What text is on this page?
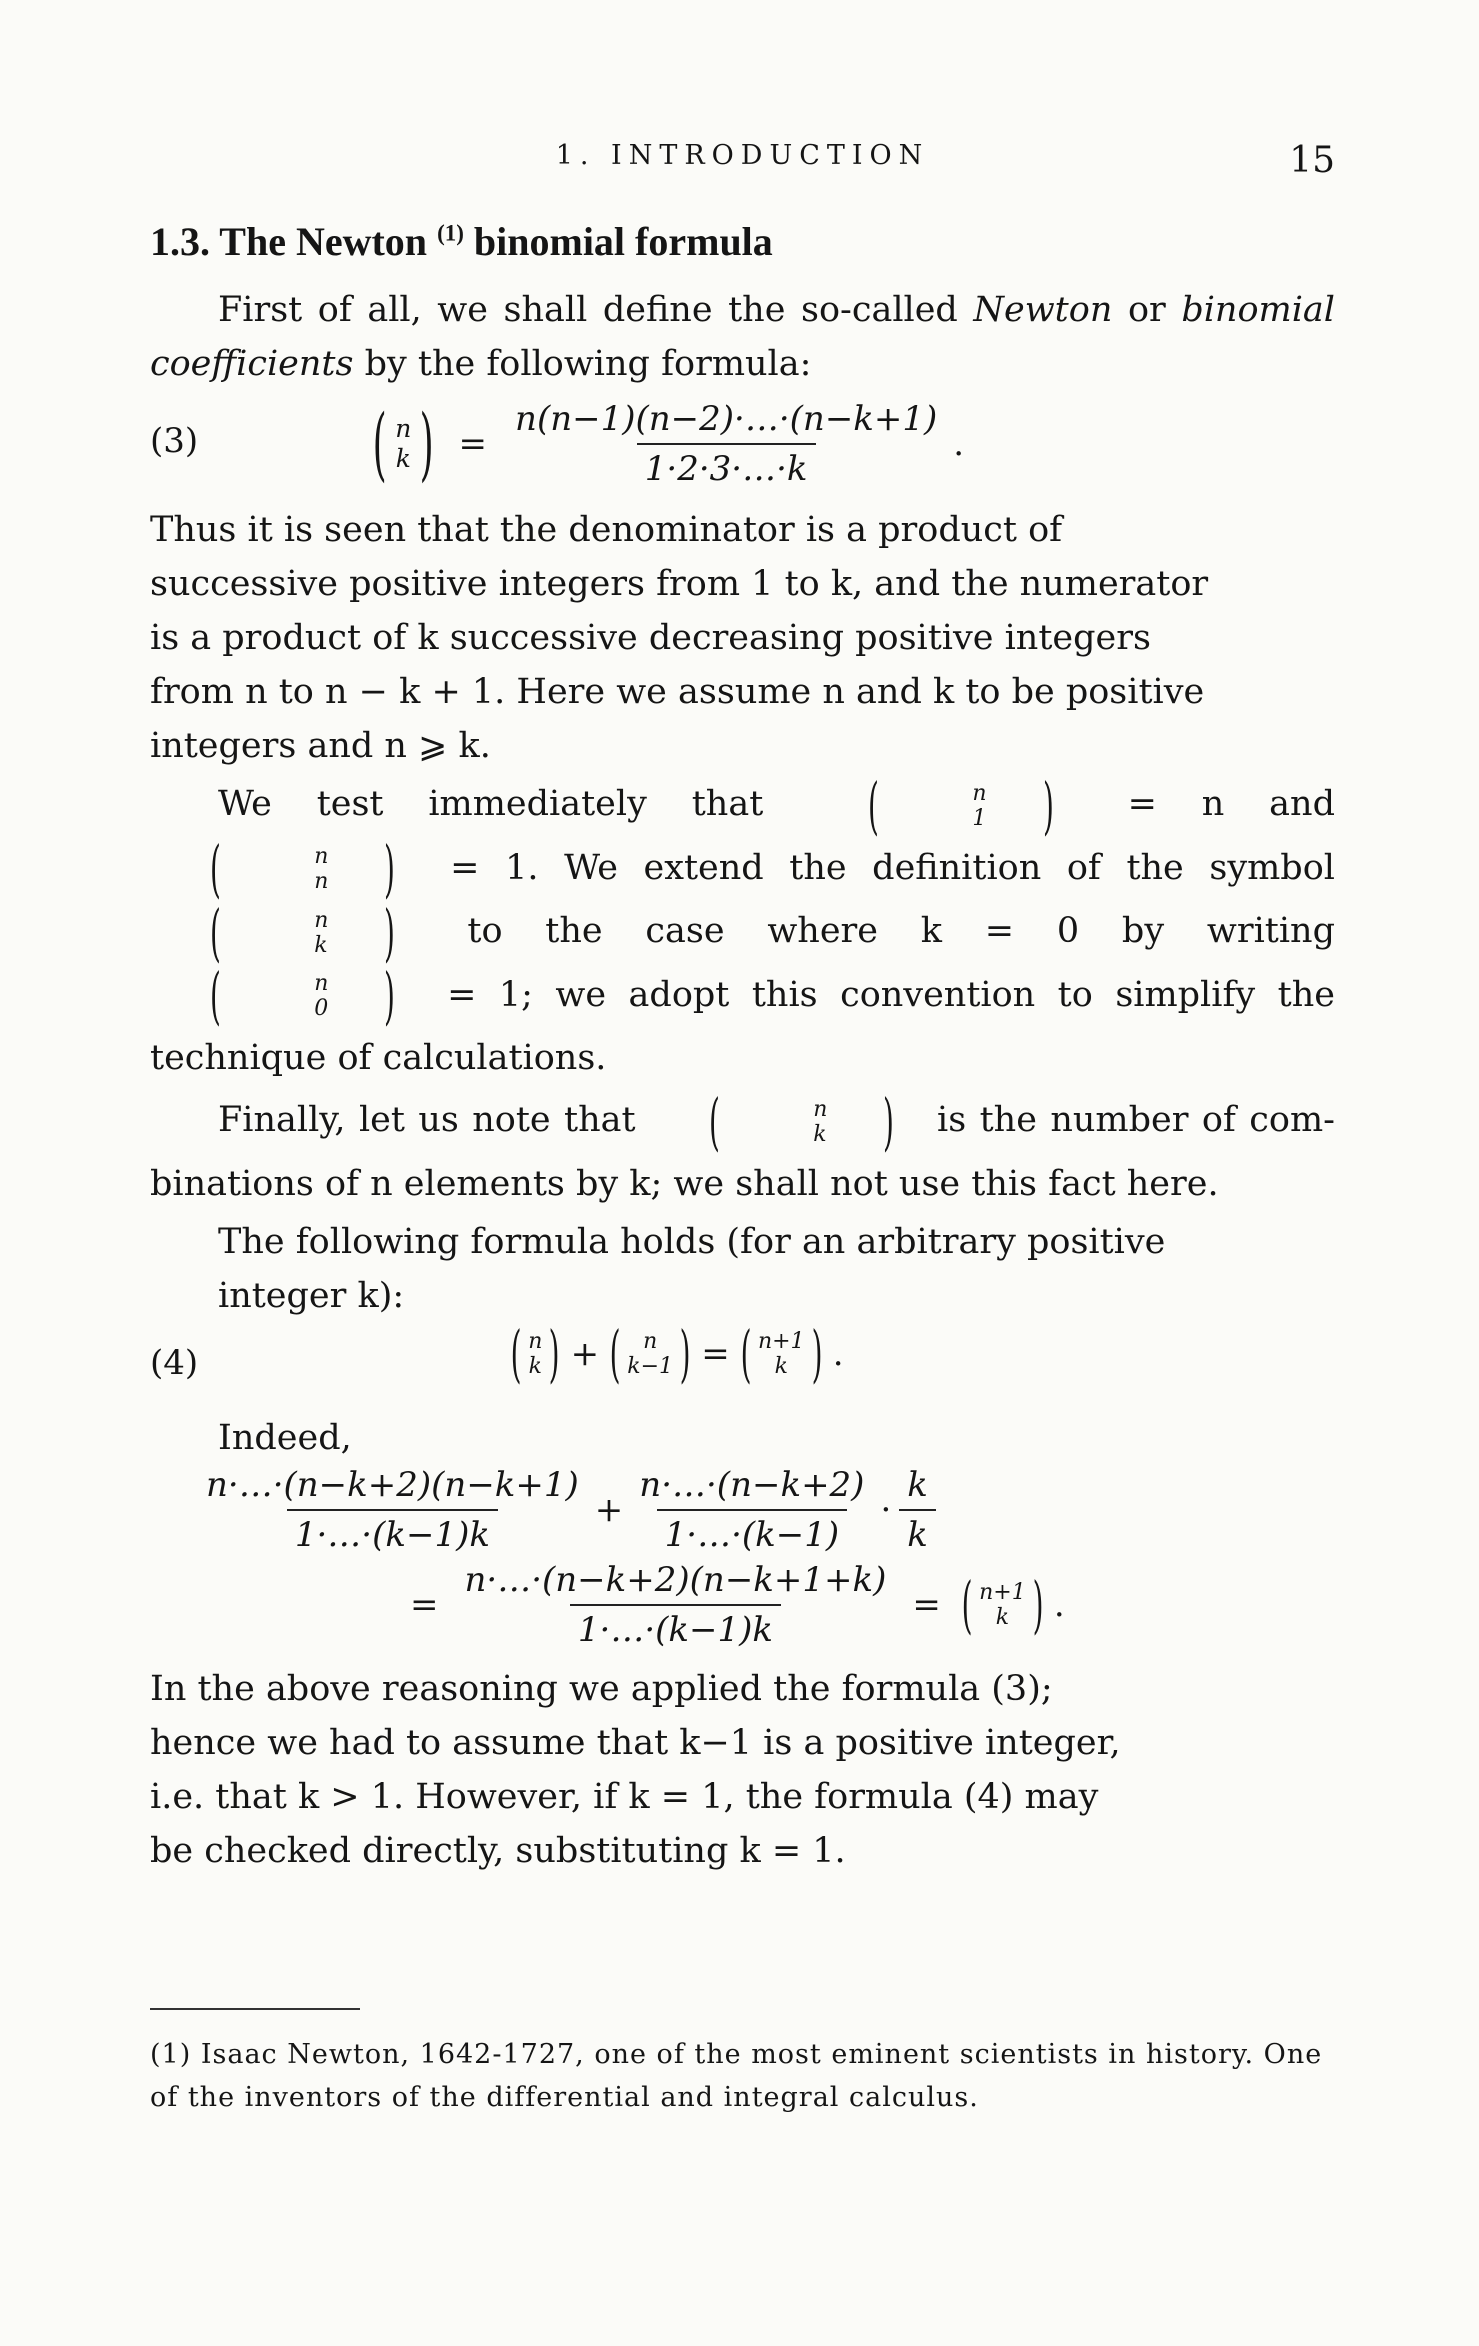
1. INTRODUCTION	15
1.3. The Newton $^{(1)}$ binomial formula

First of all, we shall define the so-called Newton or binomial coefficients by the following formula:

(3) ( n
k ) = $\frac{n(n-1)(n-2)\cdot\dots\cdot(n-k+1)}{1\cdot 2\cdot 3\cdot\dots\cdot k}$ .

Thus it is seen that the denominator is a product of
successive positive integers from 1 to k, and the numerator
is a product of k successive decreasing positive integers
from n to n − k + 1. Here we assume n and k to be positive
integers and n ⩾ k.

We test immediately that	(	n
1 ) = n and
(	n
n ) = 1. We extend the definition of the symbol
(	n
k ) to the case where k = 0 by writing
(	n
0 ) = 1; we adopt this convention to simplify the technique of calculations.

Finally, let us note that	(	n
k ) is the number of com- binations of n elements by k; we shall not use this fact here.

The following formula holds (for an arbitrary positive
integer k):

(4)	( n
k ) + (	n
k−1 ) = ( n+1
k ) .

Indeed,

$\frac{n\cdot\dots\cdot(n-k+2)(n-k+1)}{1\cdot\dots\cdot(k-1)k} + \frac{n\cdot\dots\cdot(n-k+2)}{1\cdot\dots\cdot(k-1)} \cdot \frac{k}{k}$
= $\frac{n\cdot\dots\cdot(n-k+2)(n-k+1+k)}{1\cdot\dots\cdot(k-1)k}$ = ( n+1
k ) .

In the above reasoning we applied the formula (3);
hence we had to assume that k−1 is a positive integer,
i.e. that k > 1. However, if k = 1, the formula (4) may
be checked directly, substituting k = 1.

(1) Isaac Newton, 1642-1727, one of the most eminent scientists in history. One of the inventors of the differential and integral calculus.
